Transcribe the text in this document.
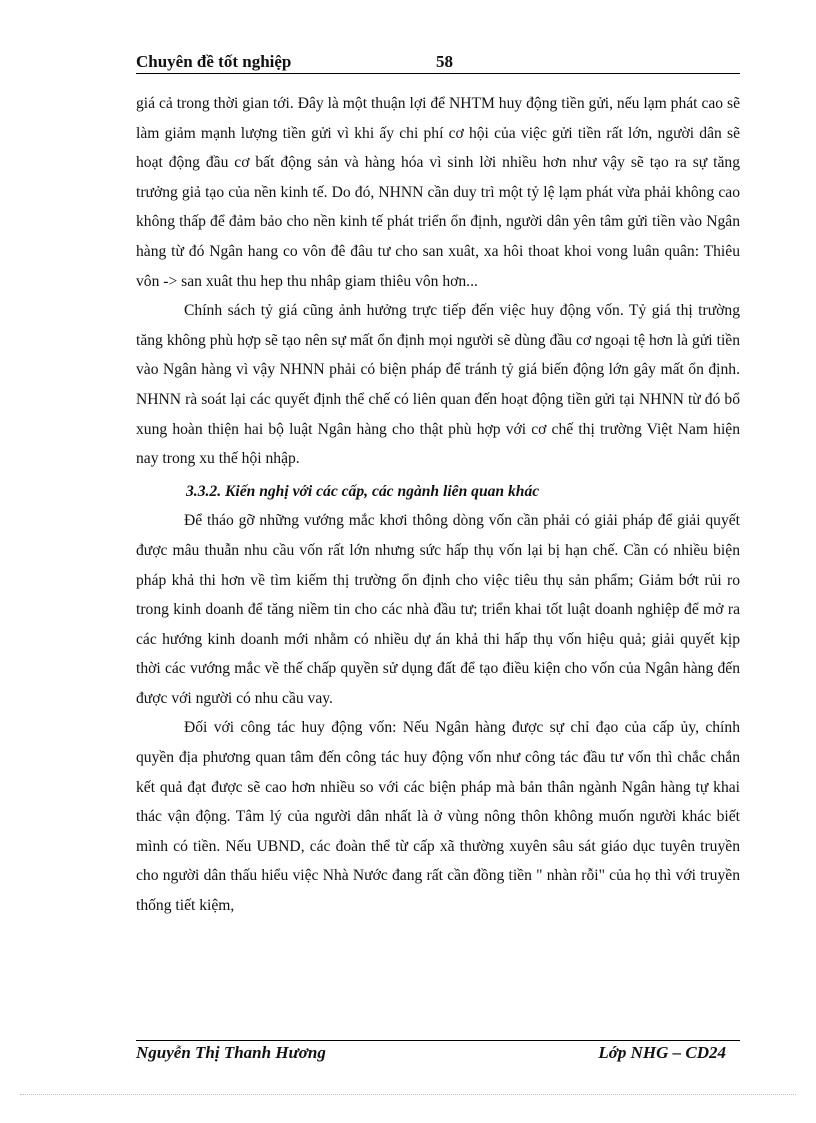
Chuyên đề tốt nghiệp	58

giá cả trong thời gian tới. Đây là một thuận lợi để NHTM huy động tiền gửi, nếu lạm phát cao sẽ làm giảm mạnh lượng tiền gửi vì khi ấy chi phí cơ hội của việc gửi tiền rất lớn, người dân sẽ hoạt động đầu cơ bất động sản và hàng hóa vì sinh lời nhiều hơn như vậy sẽ tạo ra sự tăng trưởng giả tạo của nền kinh tế. Do đó, NHNN cần duy trì một tỷ lệ lạm phát vừa phải không cao không thấp để đảm bảo cho nền kinh tế phát triển ổn định, người dân yên tâm gửi tiền vào Ngân hàng từ đó Ngân hang co vôn đê đâu tư cho san xuât, xa hôi thoat khoi vong luân quân: Thiêu vôn -> san xuât thu hep thu nhâp giam thiêu vôn hơn...

Chính sách tỷ giá cũng ảnh hưởng trực tiếp đến việc huy động vốn. Tỷ giá thị trường tăng không phù hợp sẽ tạo nên sự mất ổn định mọi người sẽ dùng đầu cơ ngoại tệ hơn là gửi tiền vào Ngân hàng vì vậy NHNN phải có biện pháp để tránh tỷ giá biến động lớn gây mất ổn định. NHNN rà soát lại các quyết định thể chế có liên quan đến hoạt động tiền gửi tại NHNN từ đó bổ xung hoàn thiện hai bộ luật Ngân hàng cho thật phù hợp với cơ chế thị trường Việt Nam hiện nay trong xu thế hội nhập.

3.3.2. Kiến nghị với các cấp, các ngành liên quan khác

Để tháo gỡ những vướng mắc khơi thông dòng vốn cần phải có giải pháp để giải quyết được mâu thuẫn nhu cầu vốn rất lớn nhưng sức hấp thụ vốn lại bị hạn chế. Cần có nhiều biện pháp khả thi hơn về tìm kiếm thị trường ổn định cho việc tiêu thụ sản phẩm; Giảm bớt rủi ro trong kinh doanh để tăng niềm tin cho các nhà đầu tư; triển khai tốt luật doanh nghiệp để mở ra các hướng kinh doanh mới nhằm có nhiều dự án khả thi hấp thụ vốn hiệu quả; giải quyết kịp thời các vướng mắc về thế chấp quyền sử dụng đất để tạo điều kiện cho vốn của Ngân hàng đến được với người có nhu cầu vay.

Đối với công tác huy động vốn: Nếu Ngân hàng được sự chỉ đạo của cấp ủy, chính quyền địa phương quan tâm đến công tác huy động vốn như công tác đầu tư vốn thì chắc chắn kết quả đạt được sẽ cao hơn nhiều so với các biện pháp mà bản thân ngành Ngân hàng tự khai thác vận động. Tâm lý của người dân nhất là ở vùng nông thôn không muốn người khác biết mình có tiền. Nếu UBND, các đoàn thể từ cấp xã thường xuyên sâu sát giáo dục tuyên truyền cho người dân thấu hiểu việc Nhà Nước đang rất cần đồng tiền " nhàn rỗi" của họ thì với truyền thống tiết kiệm,

Nguyễn Thị Thanh Hương	Lớp NHG – CD24
